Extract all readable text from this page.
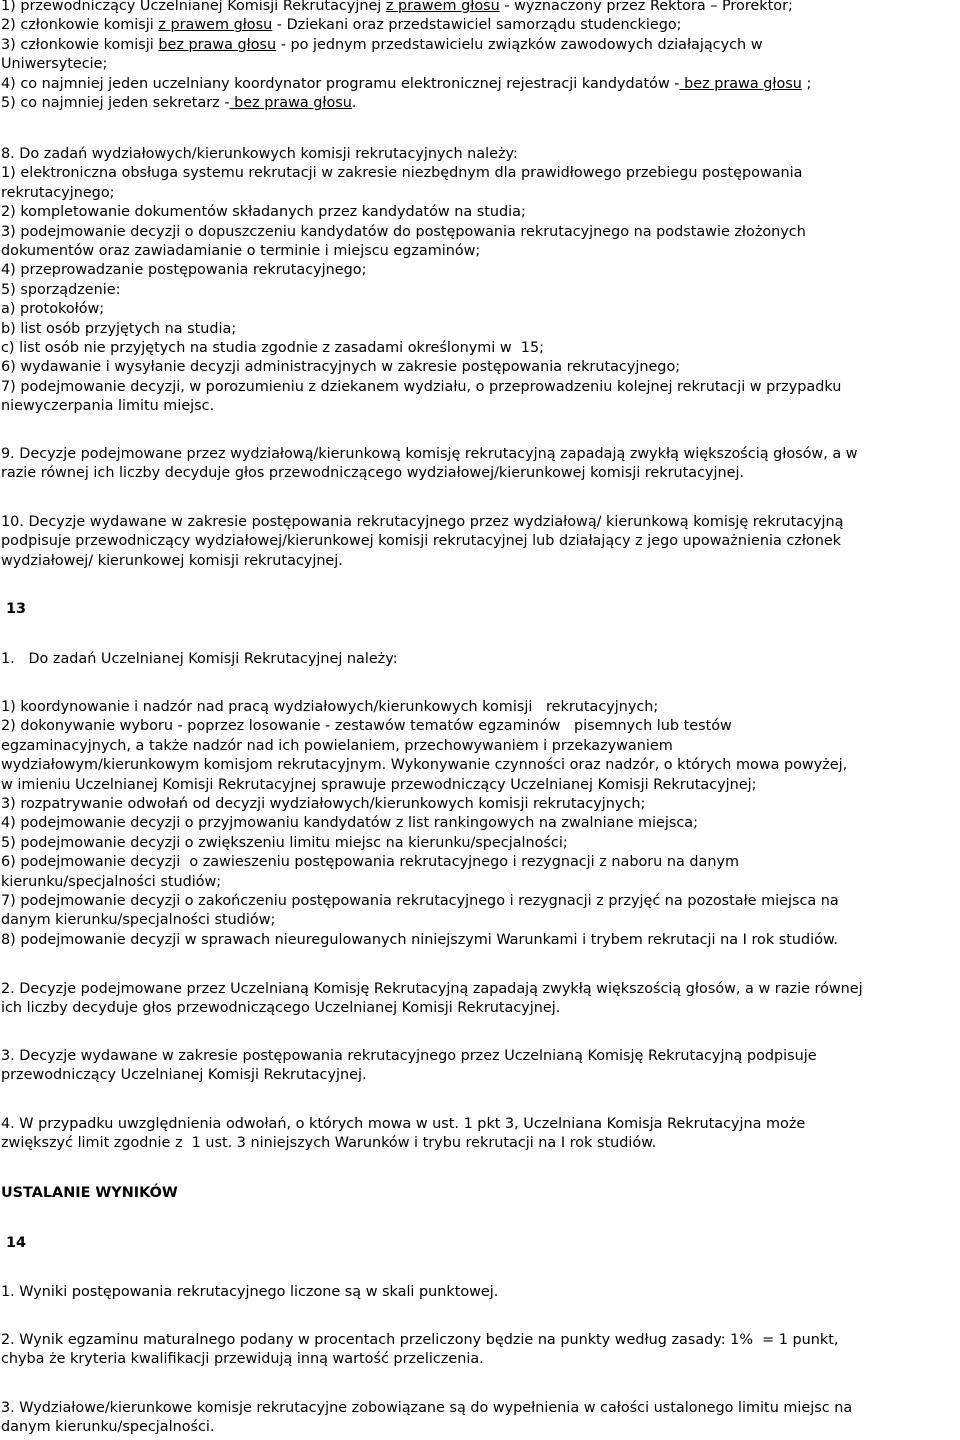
1) przewodniczący Uczelnianej Komisji Rekrutacyjnej z prawem głosu - wyznaczony przez Rektora – Prorektor;
2) członkowie komisji z prawem głosu - Dziekani oraz przedstawiciel samorządu studenckiego;
3) członkowie komisji bez prawa głosu - po jednym przedstawicielu związków zawodowych działających w
Uniwersytecie;
4) co najmniej jeden uczelniany koordynator programu elektronicznej rejestracji kandydatów - bez prawa głosu ;
5) co najmniej jeden sekretarz - bez prawa głosu.
8. Do zadań wydziałowych/kierunkowych komisji rekrutacyjnych należy:
1) elektroniczna obsługa systemu rekrutacji w zakresie niezbędnym dla prawidłowego przebiegu postępowania
rekrutacyjnego;
2) kompletowanie dokumentów składanych przez kandydatów na studia;
3) podejmowanie decyzji o dopuszczeniu kandydatów do postępowania rekrutacyjnego na podstawie złożonych
dokumentów oraz zawiadamianie o terminie i miejscu egzaminów;
4) przeprowadzanie postępowania rekrutacyjnego;
5) sporządzenie:
a) protokołów;
b) list osób przyjętych na studia;
c) list osób nie przyjętych na studia zgodnie z zasadami określonymi w  15;
6) wydawanie i wysyłanie decyzji administracyjnych w zakresie postępowania rekrutacyjnego;
7) podejmowanie decyzji, w porozumieniu z dziekanem wydziału, o przeprowadzeniu kolejnej rekrutacji w przypadku
niewyczerpania limitu miejsc.
9. Decyzje podejmowane przez wydziałową/kierunkową komisję rekrutacyjną zapadają zwykłą większością głosów, a w
razie równej ich liczby decyduje głos przewodniczącego wydziałowej/kierunkowej komisji rekrutacyjnej.
10. Decyzje wydawane w zakresie postępowania rekrutacyjnego przez wydziałową/ kierunkową komisję rekrutacyjną
podpisuje przewodniczący wydziałowej/kierunkowej komisji rekrutacyjnej lub działający z jego upoważnienia członek
wydziałowej/ kierunkowej komisji rekrutacyjnej.
13
1.   Do zadań Uczelnianej Komisji Rekrutacyjnej należy:
1) koordynowanie i nadzór nad pracą wydziałowych/kierunkowych komisji   rekrutacyjnych;
2) dokonywanie wyboru - poprzez losowanie - zestawów tematów egzaminów   pisemnych lub testów
egzaminacyjnych, a także nadzór nad ich powielaniem, przechowywaniem i przekazywaniem
wydziałowym/kierunkowym komisjom rekrutacyjnym. Wykonywanie czynności oraz nadzór, o których mowa powyżej,
w imieniu Uczelnianej Komisji Rekrutacyjnej sprawuje przewodniczący Uczelnianej Komisji Rekrutacyjnej;
3) rozpatrywanie odwołań od decyzji wydziałowych/kierunkowych komisji rekrutacyjnych;
4) podejmowanie decyzji o przyjmowaniu kandydatów z list rankingowych na zwalniane miejsca;
5) podejmowanie decyzji o zwiększeniu limitu miejsc na kierunku/specjalności;
6) podejmowanie decyzji  o zawieszeniu postępowania rekrutacyjnego i rezygnacji z naboru na danym
kierunku/specjalności studiów;
7) podejmowanie decyzji o zakończeniu postępowania rekrutacyjnego i rezygnacji z przyjęć na pozostałe miejsca na
danym kierunku/specjalności studiów;
8) podejmowanie decyzji w sprawach nieuregulowanych niniejszymi Warunkami i trybem rekrutacji na I rok studiów.
2. Decyzje podejmowane przez Uczelnianą Komisję Rekrutacyjną zapadają zwykłą większością głosów, a w razie równej
ich liczby decyduje głos przewodniczącego Uczelnianej Komisji Rekrutacyjnej.
3. Decyzje wydawane w zakresie postępowania rekrutacyjnego przez Uczelnianą Komisję Rekrutacyjną podpisuje
przewodniczący Uczelnianej Komisji Rekrutacyjnej.
4. W przypadku uwzględnienia odwołań, o których mowa w ust. 1 pkt 3, Uczelniana Komisja Rekrutacyjna może
zwiększyć limit zgodnie z  1 ust. 3 niniejszych Warunków i trybu rekrutacji na I rok studiów.
USTALANIE WYNIKÓW
14
1. Wyniki postępowania rekrutacyjnego liczone są w skali punktowej.
2. Wynik egzaminu maturalnego podany w procentach przeliczony będzie na punkty według zasady: 1%  = 1 punkt,
chyba że kryteria kwalifikacji przewidują inną wartość przeliczenia.
3. Wydziałowe/kierunkowe komisje rekrutacyjne zobowiązane są do wypełnienia w całości ustalonego limitu miejsc na
danym kierunku/specjalności.
